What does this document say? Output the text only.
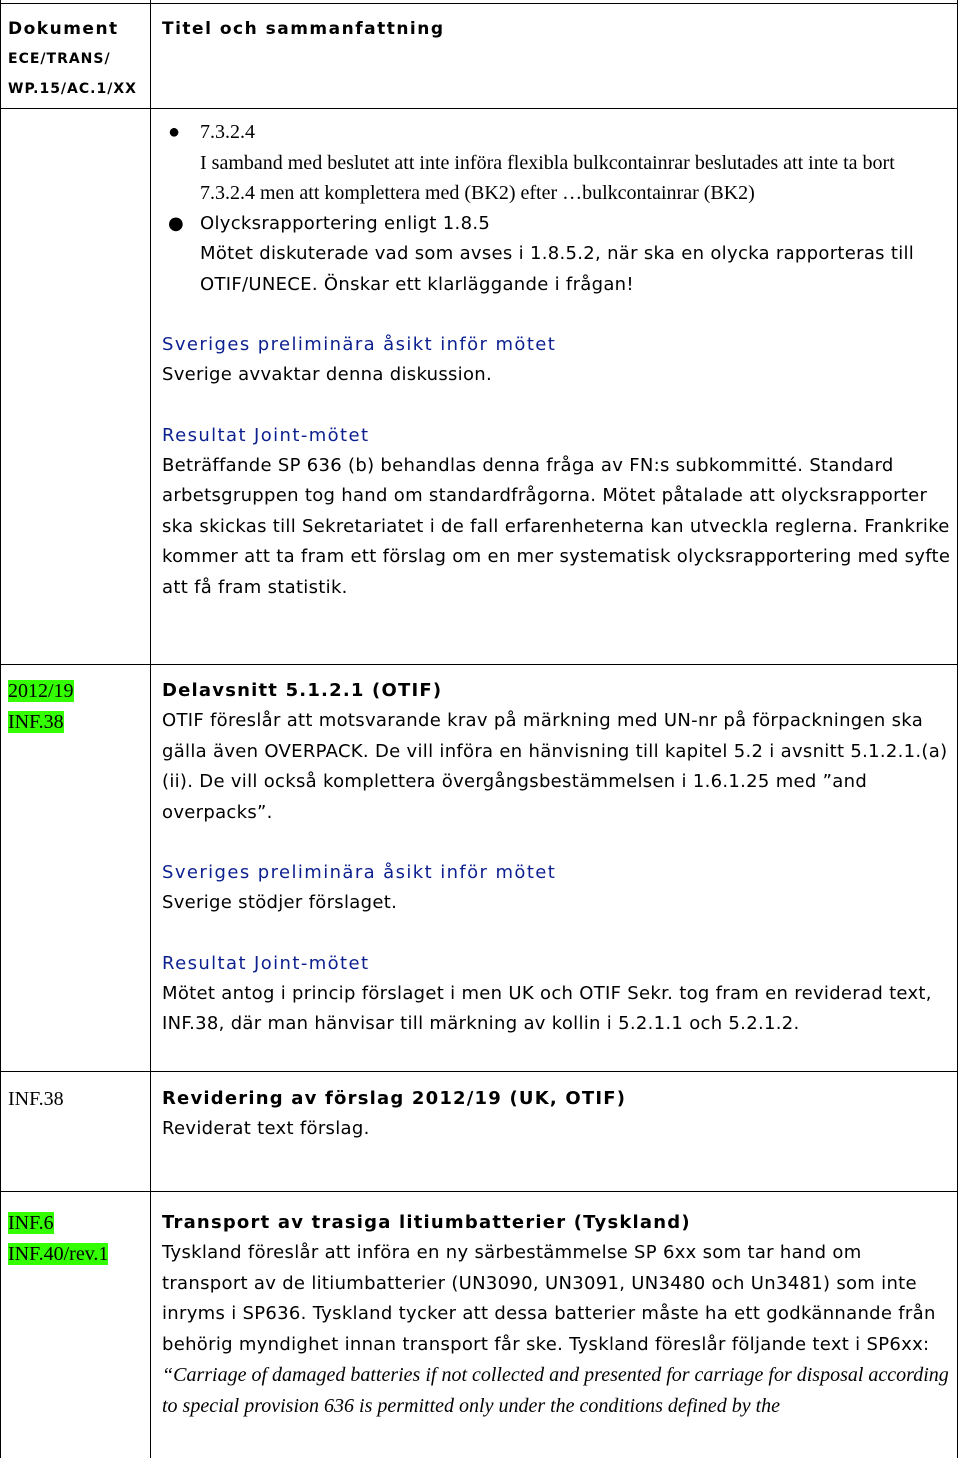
Dokument
ECE/TRANS/
WP.15/AC.1/XX
Titel och sammanfattning
● 7.3.2.4
I samband med beslutet att inte införa flexibla bulkcontainrar beslutades att inte ta bort 7.3.2.4 men att komplettera med (BK2) efter …bulkcontainrar (BK2)
● Olycksrapportering enligt 1.8.5
Mötet diskuterade vad som avses i 1.8.5.2, när ska en olycka rapporteras till OTIF/UNECE. Önskar ett klarläggande i frågan!
Sveriges preliminära åsikt inför mötet
Sverige avvaktar denna diskussion.
Resultat Joint-mötet
Beträffande SP 636 (b) behandlas denna fråga av FN:s subkommitté. Standard arbetsgruppen tog hand om standardfrågorna. Mötet påtalade att olycksrapporter ska skickas till Sekretariatet i de fall erfarenheterna kan utveckla reglerna. Frankrike kommer att ta fram ett förslag om en mer systematisk olycksrapportering med syfte att få fram statistik.
2012/19
INF.38
Delavsnitt 5.1.2.1 (OTIF)
OTIF föreslår att motsvarande krav på märkning med UN-nr på förpackningen ska gälla även OVERPACK. De vill införa en hänvisning till kapitel 5.2 i avsnitt 5.1.2.1.(a) (ii). De vill också komplettera övergångsbestämmelsen i 1.6.1.25 med ”and overpacks”.
Sveriges preliminära åsikt inför mötet
Sverige stödjer förslaget.
Resultat Joint-mötet
Mötet antog i princip förslaget i men UK och OTIF Sekr. tog fram en reviderad text, INF.38, där man hänvisar till märkning av kollin i 5.2.1.1 och 5.2.1.2.
INF.38	Revidering av förslag 2012/19 (UK, OTIF)
Reviderat text förslag.
INF.6
INF.40/rev.1
Transport av trasiga litiumbatterier (Tyskland)
Tyskland föreslår att införa en ny särbestämmelse SP 6xx som tar hand om transport av de litiumbatterier (UN3090, UN3091, UN3480 och Un3481) som inte inryms i SP636. Tyskland tycker att dessa batterier måste ha ett godkännande från behörig myndighet innan transport får ske. Tyskland föreslår följande text i SP6xx:
“Carriage of damaged batteries if not collected and presented for carriage for disposal according to special provision 636 is permitted only under the conditions defined by the
